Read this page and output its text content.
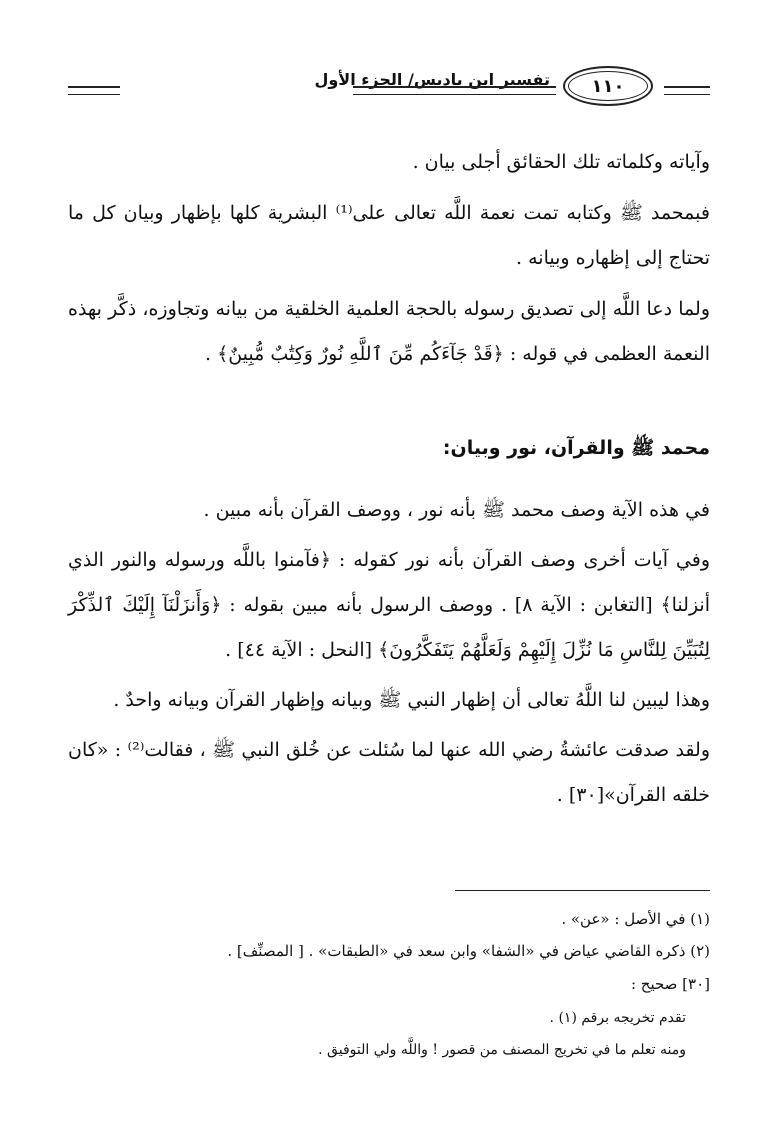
تفسير ابن باديس/ الجزء الأول ١١٠

وآياته وكلماته تلك الحقائق أجلى بيان .

فبمحمد ﷺ وكتابه تمت نعمة اللَّه تعالى على⁽¹⁾ البشرية كلها بإظهار وبيان كل ما تحتاج إلى إظهاره وبيانه .

ولما دعا اللَّه إلى تصديق رسوله بالحجة العلمية الخلقية من بيانه وتجاوزه، ذكَّر بهذه النعمة العظمى في قوله : ﴿قَدْ جَآءَكُم مِّنَ ٱللَّهِ نُورٌ وَكِتَٰبٌ مُّبِينٌ﴾ .

محمد ﷺ والقرآن، نور وبيان:

في هذه الآية وصف محمد ﷺ بأنه نور ، ووصف القرآن بأنه مبين .

وفي آيات أخرى وصف القرآن بأنه نور كقوله : ﴿فآمنوا باللَّه ورسوله والنور الذي أنزلنا﴾ [التغابن : الآية ٨] . ووصف الرسول بأنه مبين بقوله : ﴿وَأَنزَلْنَآ إِلَيْكَ ٱلذِّكْرَ لِتُبَيِّنَ لِلنَّاسِ مَا نُزِّلَ إِلَيْهِمْ وَلَعَلَّهُمْ يَتَفَكَّرُونَ﴾ [النحل : الآية ٤٤] .

وهذا ليبين لنا اللَّهُ تعالى أن إظهار النبي ﷺ وبيانه وإظهار القرآن وبيانه واحدٌ .

ولقد صدقت عائشةُ رضي الله عنها لما سُئلت عن خُلق النبي ﷺ ، فقالت⁽²⁾ : «كان خلقه القرآن»[٣٠] .

(١) في الأصل : «عن» .
(٢) ذكره القاضي عياض في «الشفا» وابن سعد في «الطبقات» . [ المصنِّف] .
[٣٠] صحيح :
تقدم تخريجه برقم (١) .
ومنه تعلم ما في تخريج المصنف من قصور ! واللَّه ولي التوفيق .
